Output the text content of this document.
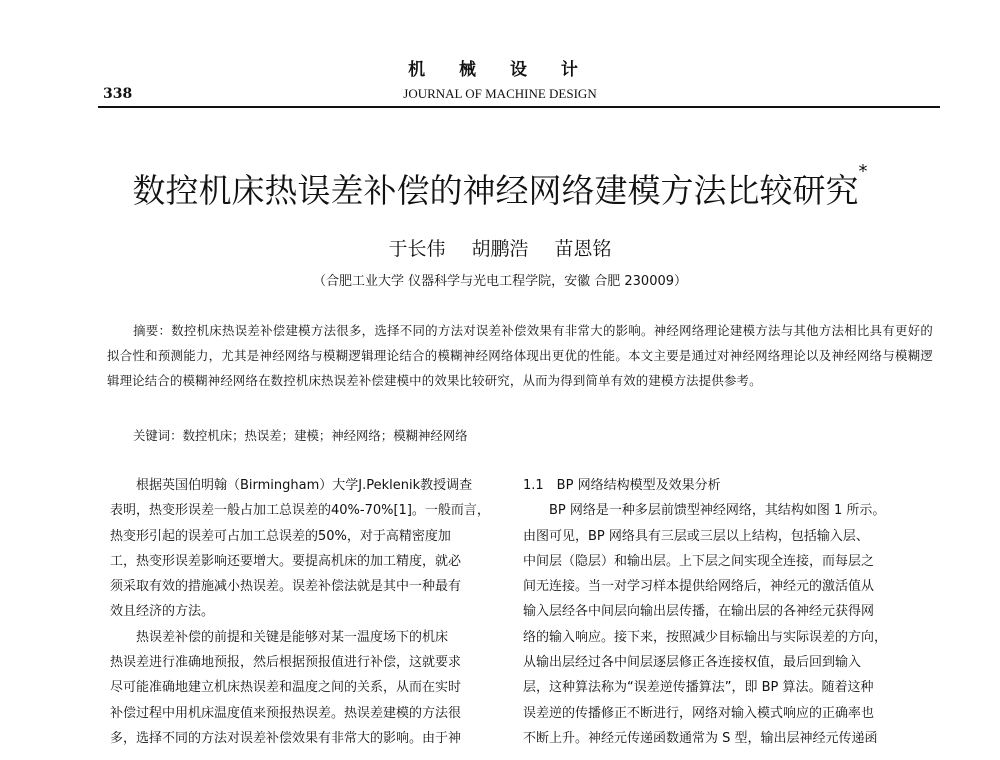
机 械 设 计
338	JOURNAL OF MACHINE DESIGN
数控机床热误差补偿的神经网络建模方法比较研究*
于长伟 胡鹏浩 苗恩铭
（合肥工业大学 仪器科学与光电工程学院，安徽 合肥 230009）
摘要：数控机床热误差补偿建模方法很多，选择不同的方法对误差补偿效果有非常大的影响。神经网络理论建模方法与其他方法相比具有更好的拟合性和预测能力，尤其是神经网络与模糊逻辑理论结合的模糊神经网络体现出更优的性能。本文主要是通过对神经网络理论以及神经网络与模糊逻辑理论结合的模糊神经网络在数控机床热误差补偿建模中的效果比较研究，从而为得到简单有效的建模方法提供参考。
关键词：数控机床；热误差；建模；神经网络；模糊神经网络
　　根据英国伯明翰（Birmingham）大学J.Peklenik教授调查
表明，热变形误差一般占加工总误差的40%-70%[1]。一般而言，
热变形引起的误差可占加工总误差的50%，对于高精密度加
工，热变形误差影响还要增大。要提高机床的加工精度，就必
须采取有效的措施减小热误差。误差补偿法就是其中一种最有
效且经济的方法。
　　热误差补偿的前提和关键是能够对某一温度场下的机床
热误差进行准确地预报，然后根据预报值进行补偿，这就要求
尽可能准确地建立机床热误差和温度之间的关系，从而在实时
补偿过程中用机床温度值来预报热误差。热误差建模的方法很
多，选择不同的方法对误差补偿效果有非常大的影响。由于神
1.1　BP 网络结构模型及效果分析
　　BP 网络是一种多层前馈型神经网络，其结构如图 1 所示。
由图可见，BP 网络具有三层或三层以上结构，包括输入层、
中间层（隐层）和输出层。上下层之间实现全连接，而每层之
间无连接。当一对学习样本提供给网络后，神经元的激活值从
输入层经各中间层向输出层传播，在输出层的各神经元获得网
络的输入响应。接下来，按照减少目标输出与实际误差的方向，
从输出层经过各中间层逐层修正各连接权值，最后回到输入
层，这种算法称为“误差逆传播算法”，即 BP 算法。随着这种
误差逆的传播修正不断进行，网络对输入模式响应的正确率也
不断上升。神经元传递函数通常为 S 型，输出层神经元传递函
